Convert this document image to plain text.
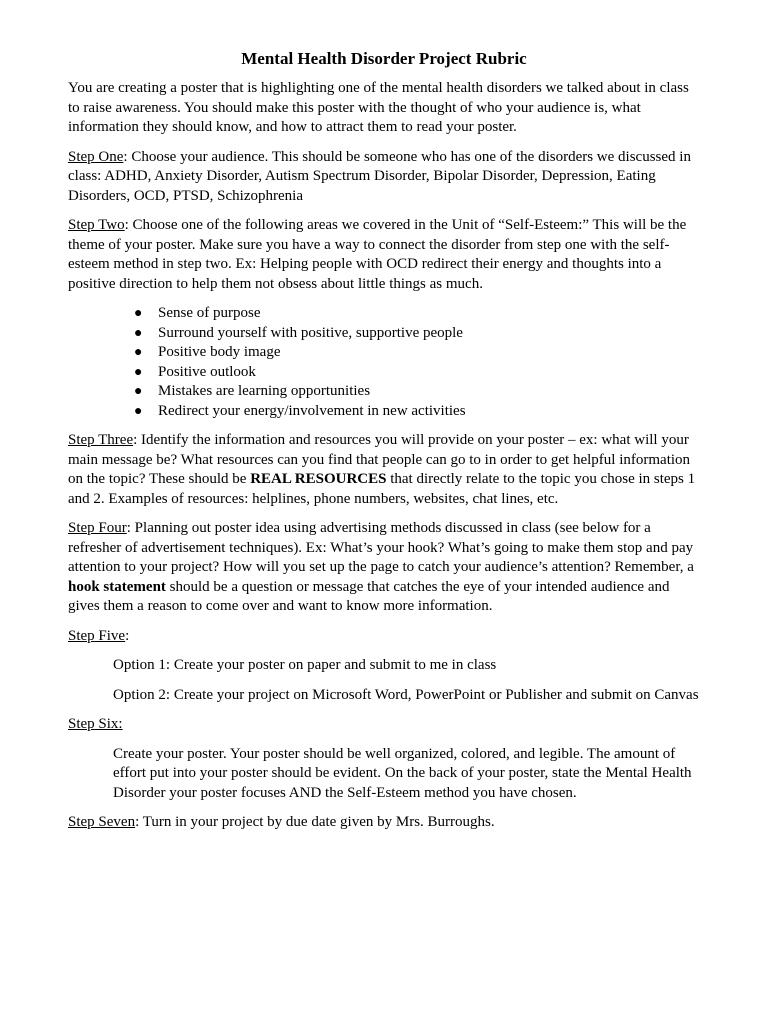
Mental Health Disorder Project Rubric

You are creating a poster that is highlighting one of the mental health disorders we talked about in class to raise awareness. You should make this poster with the thought of who your audience is, what information they should know, and how to attract them to read your poster.

Step One: Choose your audience. This should be someone who has one of the disorders we discussed in class: ADHD, Anxiety Disorder, Autism Spectrum Disorder, Bipolar Disorder, Depression, Eating Disorders, OCD, PTSD, Schizophrenia

Step Two: Choose one of the following areas we covered in the Unit of “Self-Esteem:” This will be the theme of your poster. Make sure you have a way to connect the disorder from step one with the self-esteem method in step two. Ex: Helping people with OCD redirect their energy and thoughts into a positive direction to help them not obsess about little things as much.

● Sense of purpose
● Surround yourself with positive, supportive people
● Positive body image
● Positive outlook
● Mistakes are learning opportunities
● Redirect your energy/involvement in new activities

Step Three: Identify the information and resources you will provide on your poster – ex: what will your main message be? What resources can you find that people can go to in order to get helpful information on the topic? These should be REAL RESOURCES that directly relate to the topic you chose in steps 1 and 2. Examples of resources: helplines, phone numbers, websites, chat lines, etc.

Step Four: Planning out poster idea using advertising methods discussed in class (see below for a refresher of advertisement techniques). Ex: What’s your hook? What’s going to make them stop and pay attention to your project? How will you set up the page to catch your audience’s attention? Remember, a hook statement should be a question or message that catches the eye of your intended audience and gives them a reason to come over and want to know more information.

Step Five:

Option 1: Create your poster on paper and submit to me in class

Option 2: Create your project on Microsoft Word, PowerPoint or Publisher and submit on Canvas

Step Six:

Create your poster. Your poster should be well organized, colored, and legible. The amount of effort put into your poster should be evident. On the back of your poster, state the Mental Health Disorder your poster focuses AND the Self-Esteem method you have chosen.

Step Seven: Turn in your project by due date given by Mrs. Burroughs.
